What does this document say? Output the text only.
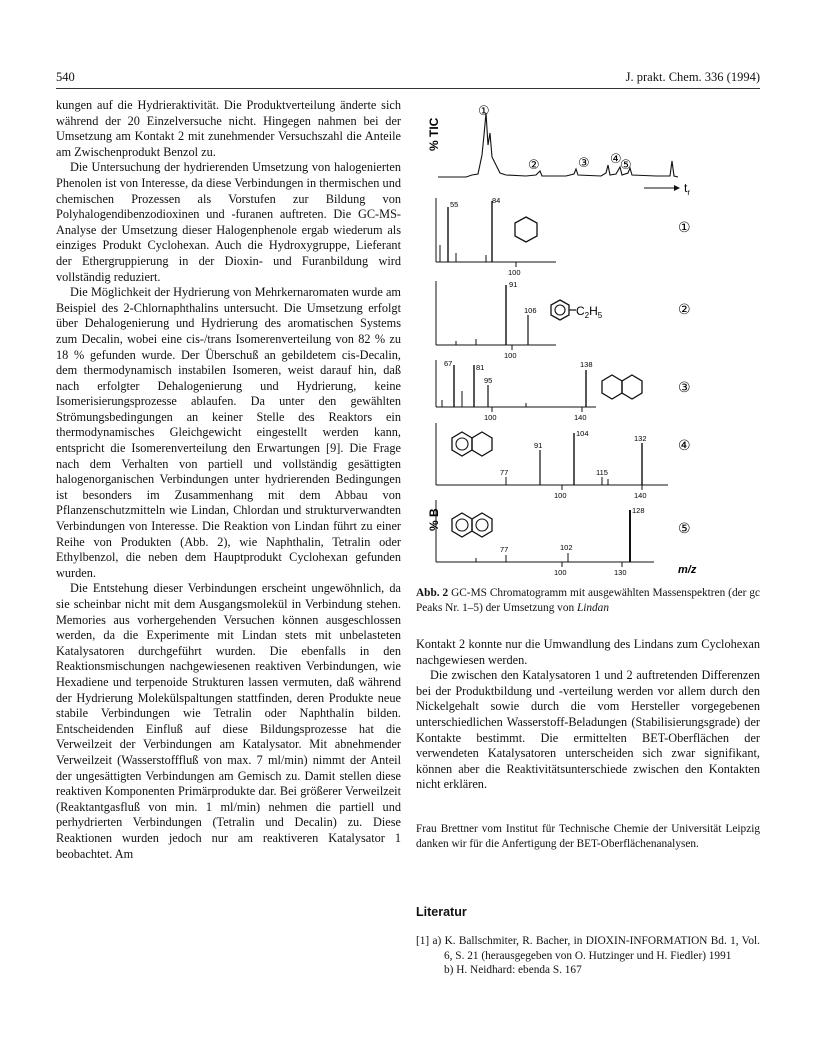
540	J. prakt. Chem. 336 (1994)

kungen auf die Hydrieraktivität. Die Produktverteilung änderte sich während der 20 Einzelversuche nicht. Hingegen nahmen bei der Umsetzung am Kontakt 2 mit zunehmender Versuchszahl die Anteile am Zwischenprodukt Benzol zu.

Die Untersuchung der hydrierenden Umsetzung von halogenierten Phenolen ist von Interesse, da diese Verbindungen in thermischen und chemischen Prozessen als Vorstufen zur Bildung von Polyhalogendibenzodioxinen und -furanen auftreten. Die GC-MS-Analyse der Umsetzung dieser Halogenphenole ergab wiederum als einziges Produkt Cyclohexan. Auch die Hydroxygruppe, Lieferant der Ethergruppierung in der Dioxin- und Furanbildung wird vollständig reduziert.

Die Möglichkeit der Hydrierung von Mehrkernaromaten wurde am Beispiel des 2-Chlornaphthalins untersucht. Die Umsetzung erfolgt über Dehalogenierung und Hydrierung des aromatischen Systems zum Decalin, wobei eine cis-/trans Isomerenverteilung von 82 % zu 18 % gefunden wurde. Der Überschuß an gebildetem cis-Decalin, dem thermodynamisch instabilen Isomeren, weist darauf hin, daß nach erfolgter Dehalogenierung und Hydrierung, keine Isomerisierungsprozesse ablaufen. Da unter den gewählten Strömungsbedingungen an keiner Stelle des Reaktors ein thermodynamisches Gleichgewicht eingestellt werden kann, entspricht die Isomerenverteilung den Erwartungen [9]. Die Frage nach dem Verhalten von partiell und vollständig gesättigten halogenorganischen Verbindungen unter hydrierenden Bedingungen ist besonders im Zusammenhang mit dem Abbau von Pflanzenschutzmitteln wie Lindan, Chlordan und strukturverwandten Verbindungen von Interesse. Die Reaktion von Lindan führt zu einer Reihe von Produkten (Abb. 2), wie Naphthalin, Tetralin oder Ethylbenzol, die neben dem Hauptprodukt Cyclohexan gefunden wurden.

Die Entstehung dieser Verbindungen erscheint ungewöhnlich, da sie scheinbar nicht mit dem Ausgangsmolekül in Verbindung stehen. Memories aus vorhergehenden Versuchen können ausgeschlossen werden, da die Experimente mit Lindan stets mit unbelasteten Katalysatoren durchgeführt wurden. Die ebenfalls in den Reaktionsmischungen nachgewiesenen reaktiven Verbindungen, wie Hexadiene und terpenoide Strukturen lassen vermuten, daß während der Hydrierung Molekülspaltungen stattfinden, deren Produkte neue stabile Verbindungen wie Tetralin oder Naphthalin bilden. Entscheidenden Einfluß auf diese Bildungsprozesse hat die Verweilzeit der Verbindungen am Katalysator. Mit abnehmender Verweilzeit (Wasserstofffluß von max. 7 ml/min) nimmt der Anteil der ungesättigten Verbindungen am Gemisch zu. Damit stellen diese reaktiven Komponenten Primärprodukte dar. Bei größerer Verweilzeit (Reaktantgasfluß von min. 1 ml/min) nehmen die partiell und perhydrierten Verbindungen (Tetralin und Decalin) zu. Diese Reaktionen wurden jedoch nur am reaktiveren Katalysator 1 beobachtet. Am

% TIC
①
②	③ ④
⑤
$t_r$
55	84
100
①
91
106
100
$C_2H_5$	②
67	81
95
138
100	140
③
104
91
77	115
132
100	140
④
% B	128
77	102
100	130	m/z
⑤
Abb. 2 GC-MS Chromatogramm mit ausgewählten Massenspektren (der gc Peaks Nr. 1–5) der Umsetzung von Lindan

Kontakt 2 konnte nur die Umwandlung des Lindans zum Cyclohexan nachgewiesen werden.

Die zwischen den Katalysatoren 1 und 2 auftretenden Differenzen bei der Produktbildung und -verteilung werden vor allem durch den Nickelgehalt sowie durch die vom Hersteller vorgegebenen unterschiedlichen Wasserstoff-Beladungen (Stabilisierungsgrade) der Kontakte bestimmt. Die ermittelten BET-Oberflächen der verwendeten Katalysatoren unterscheiden sich zwar signifikant, können aber die Reaktivitätsunterschiede zwischen den Kontakten nicht erklären.

Frau Brettner vom Institut für Technische Chemie der Universität Leipzig danken wir für die Anfertigung der BET-Oberflächenanalysen.
Literatur
[1] a) K. Ballschmiter, R. Bacher, in DIOXIN-INFORMATION Bd. 1, Vol. 6, S. 21 (herausgegeben von O. Hutzinger und H. Fiedler) 1991
b) H. Neidhard: ebenda S. 167
